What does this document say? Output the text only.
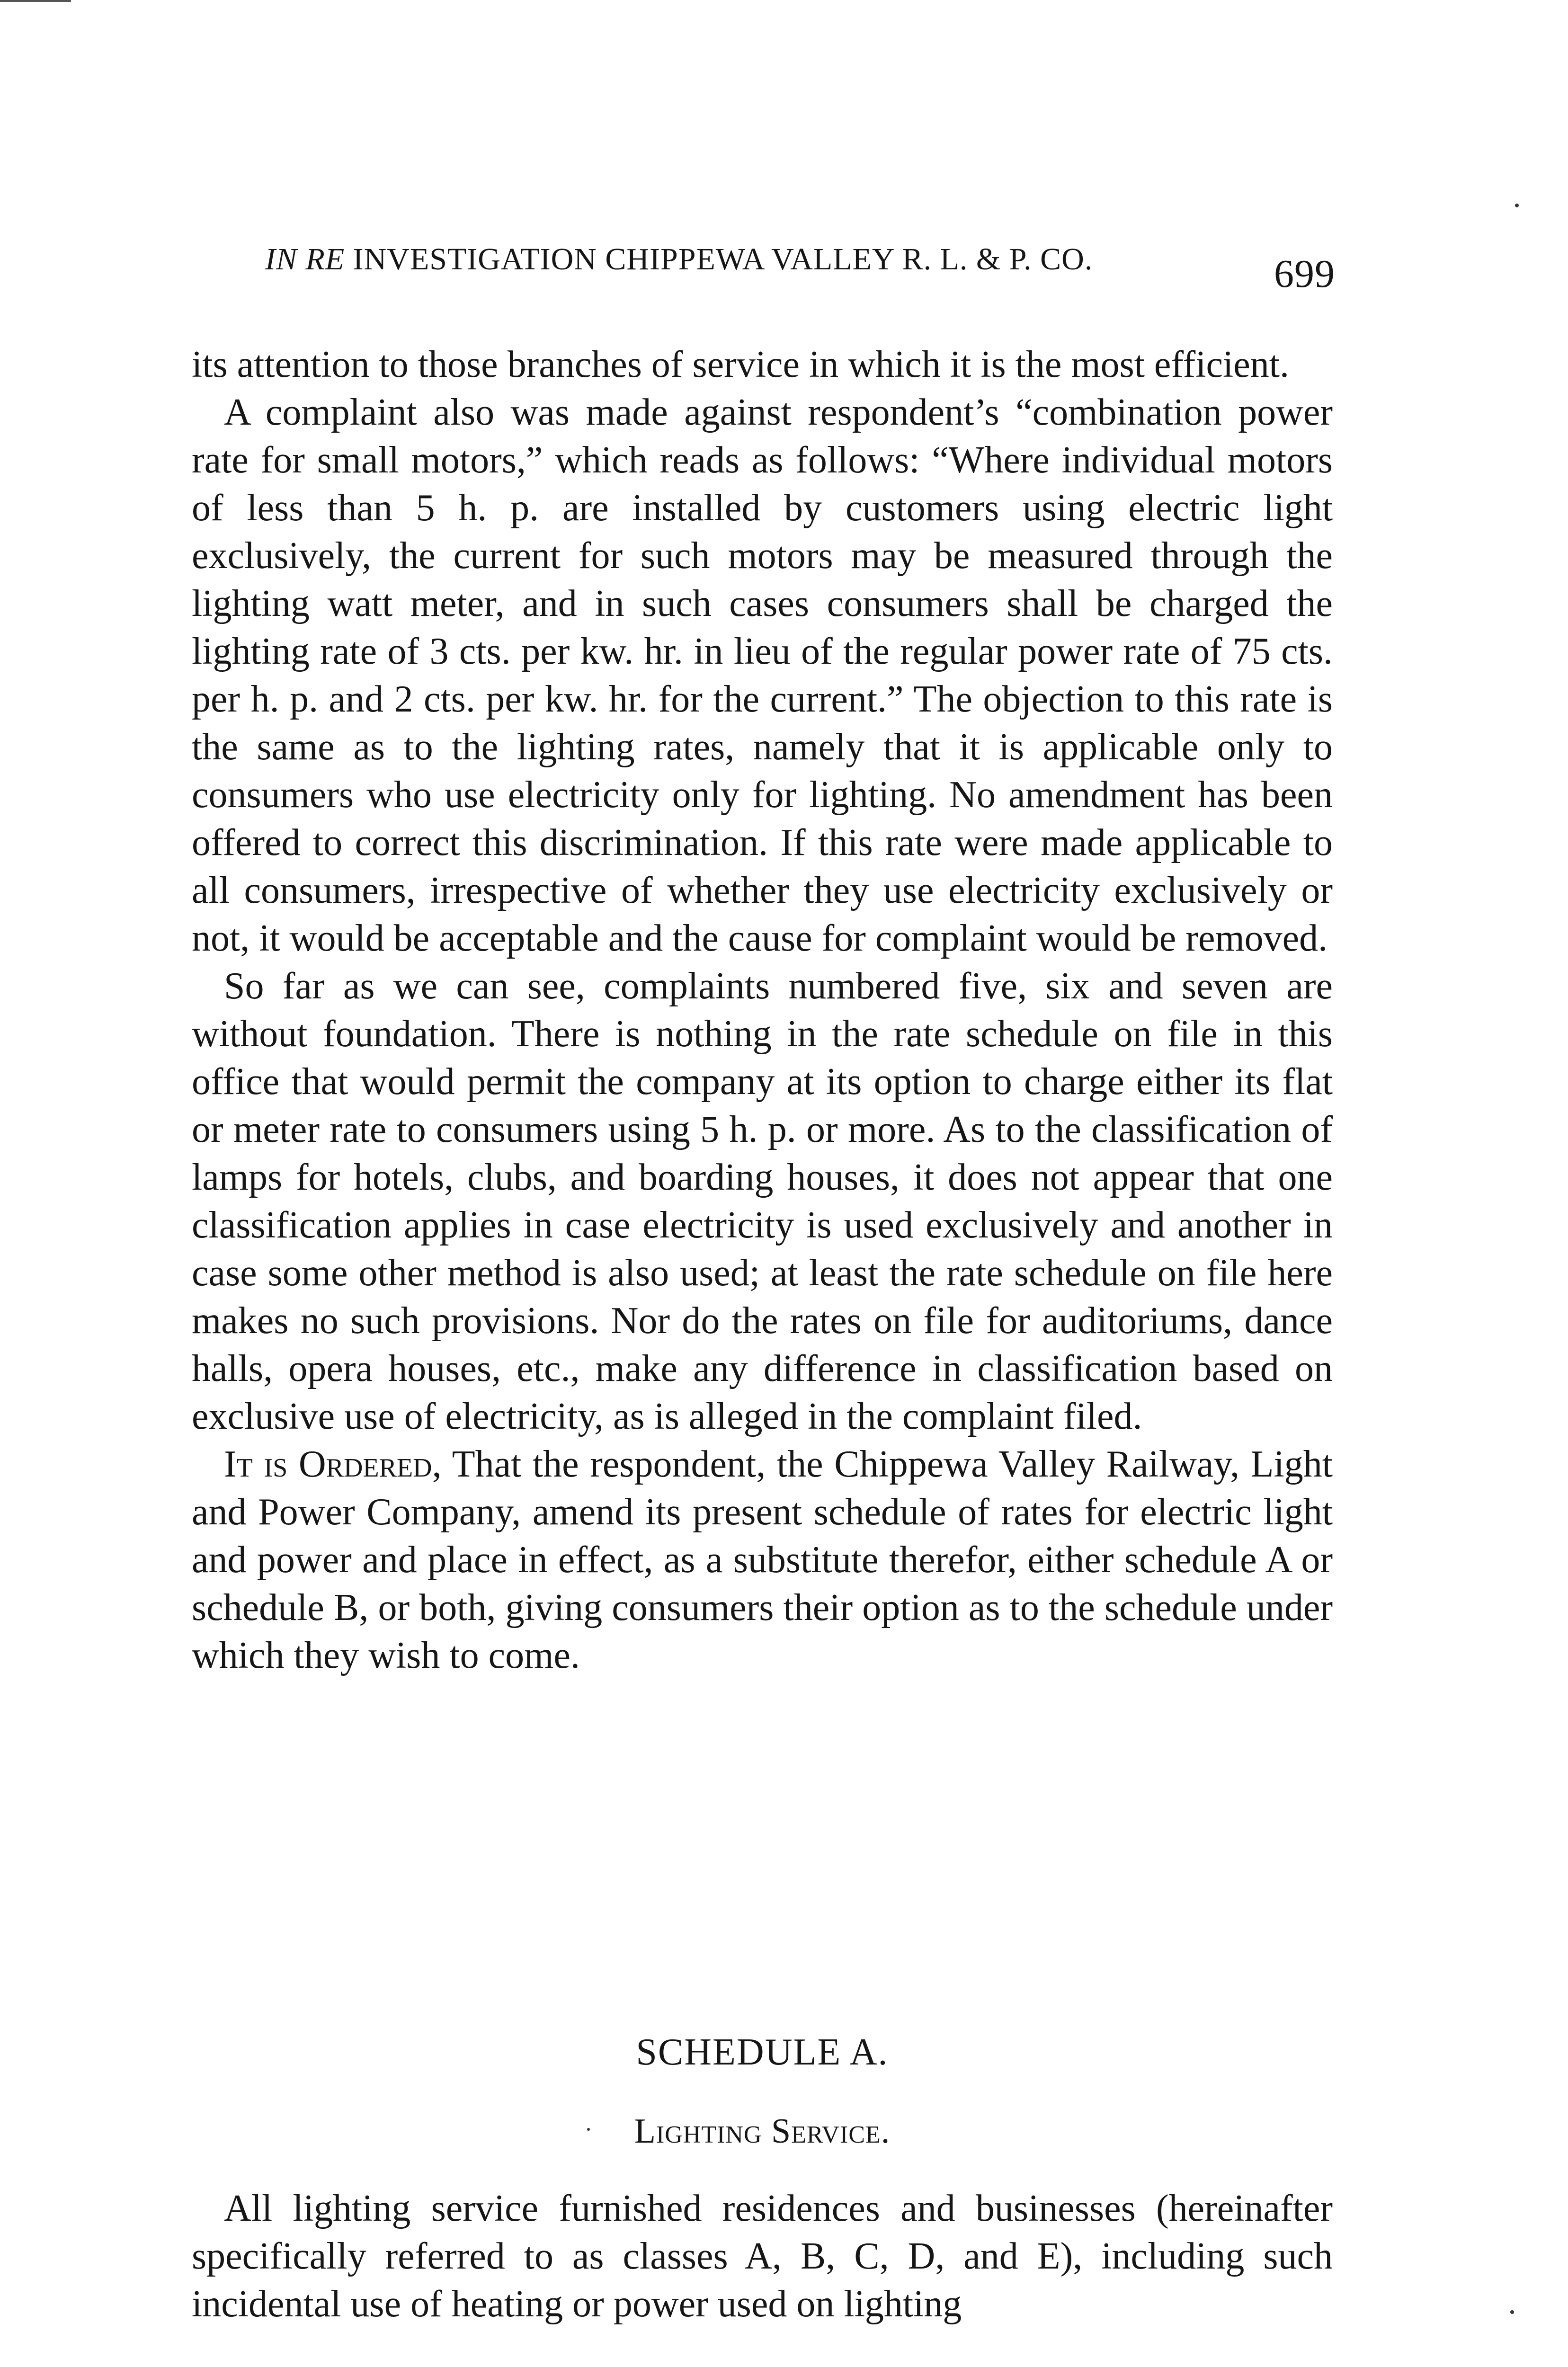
IN RE INVESTIGATION CHIPPEWA VALLEY R. L. & P. CO.	699

its attention to those branches of service in which it is the most efficient.

A complaint also was made against respondent’s “combination power rate for small motors,” which reads as follows: “Where individual motors of less than 5 h. p. are installed by customers using electric light exclusively, the current for such motors may be measured through the lighting watt meter, and in such cases consumers shall be charged the lighting rate of 3 cts. per kw. hr. in lieu of the regular power rate of 75 cts. per h. p. and 2 cts. per kw. hr. for the current.” The objection to this rate is the same as to the lighting rates, namely that it is applicable only to consumers who use electricity only for lighting. No amendment has been offered to correct this discrimination. If this rate were made applicable to all consumers, irrespective of whether they use electricity exclusively or not, it would be acceptable and the cause for complaint would be removed.

So far as we can see, complaints numbered five, six and seven are without foundation. There is nothing in the rate schedule on file in this office that would permit the company at its option to charge either its flat or meter rate to consumers using 5 h. p. or more. As to the classification of lamps for hotels, clubs, and boarding houses, it does not appear that one classification applies in case electricity is used exclusively and another in case some other method is also used; at least the rate schedule on file here makes no such provisions. Nor do the rates on file for auditoriums, dance halls, opera houses, etc., make any difference in classification based on exclusive use of electricity, as is alleged in the complaint filed.

It is Ordered, That the respondent, the Chippewa Valley Railway, Light and Power Company, amend its present schedule of rates for electric light and power and place in effect, as a substitute therefor, either schedule A or schedule B, or both, giving consumers their option as to the schedule under which they wish to come.

SCHEDULE A.
Lighting Service.

All lighting service furnished residences and businesses (hereinafter specifically referred to as classes A, B, C, D, and E), including such incidental use of heating or power used on lighting
